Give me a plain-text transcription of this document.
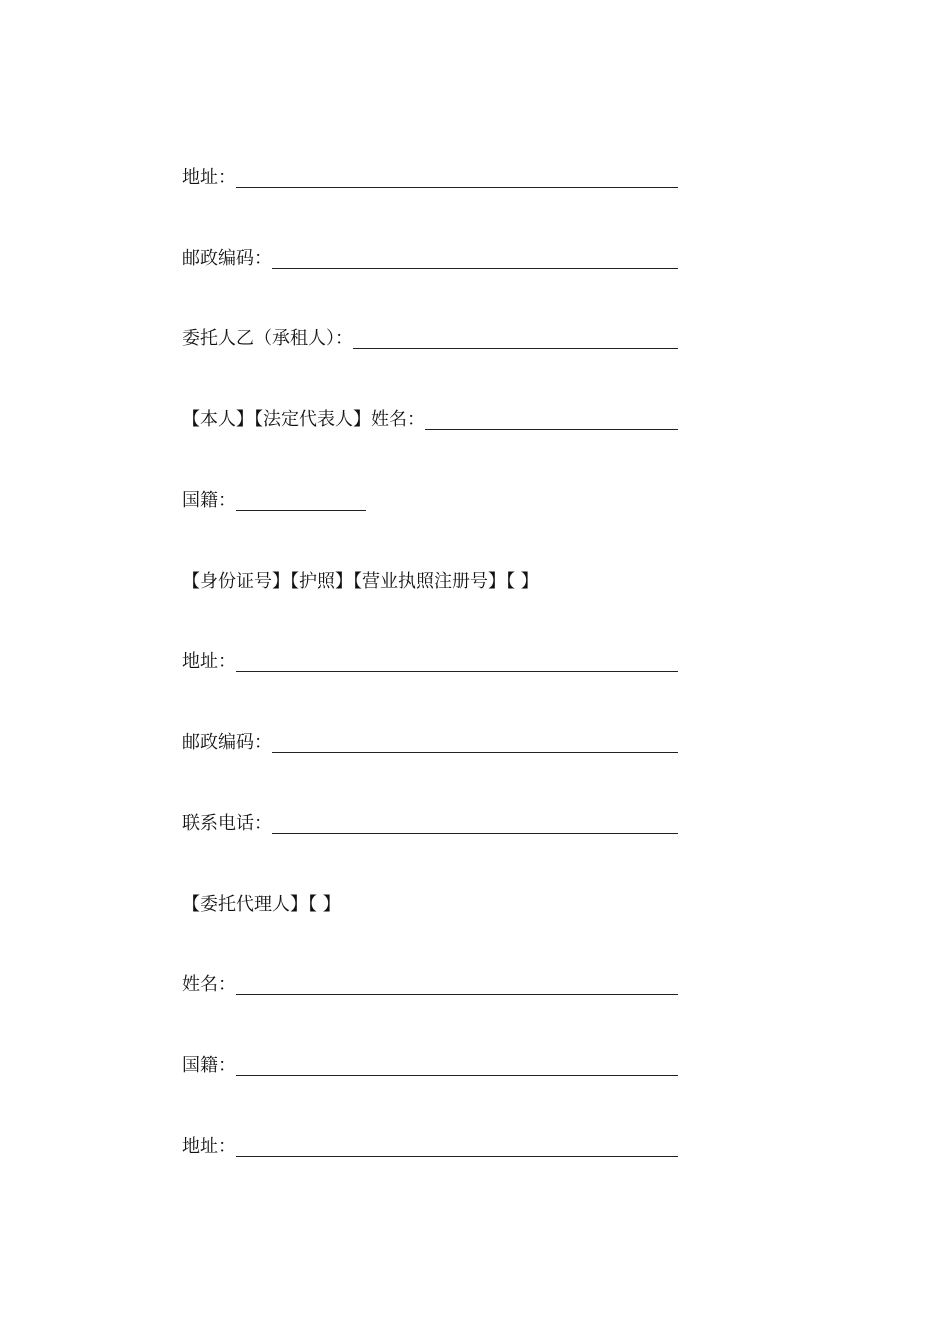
地址：
邮政编码：
委托人乙（承租人）：
【本人】【法定代表人】姓名：
国籍：
【身份证号】【护照】【营业执照注册号】【 】
地址：
邮政编码：
联系电话：
【委托代理人】【 】
姓名：
国籍：
地址：
